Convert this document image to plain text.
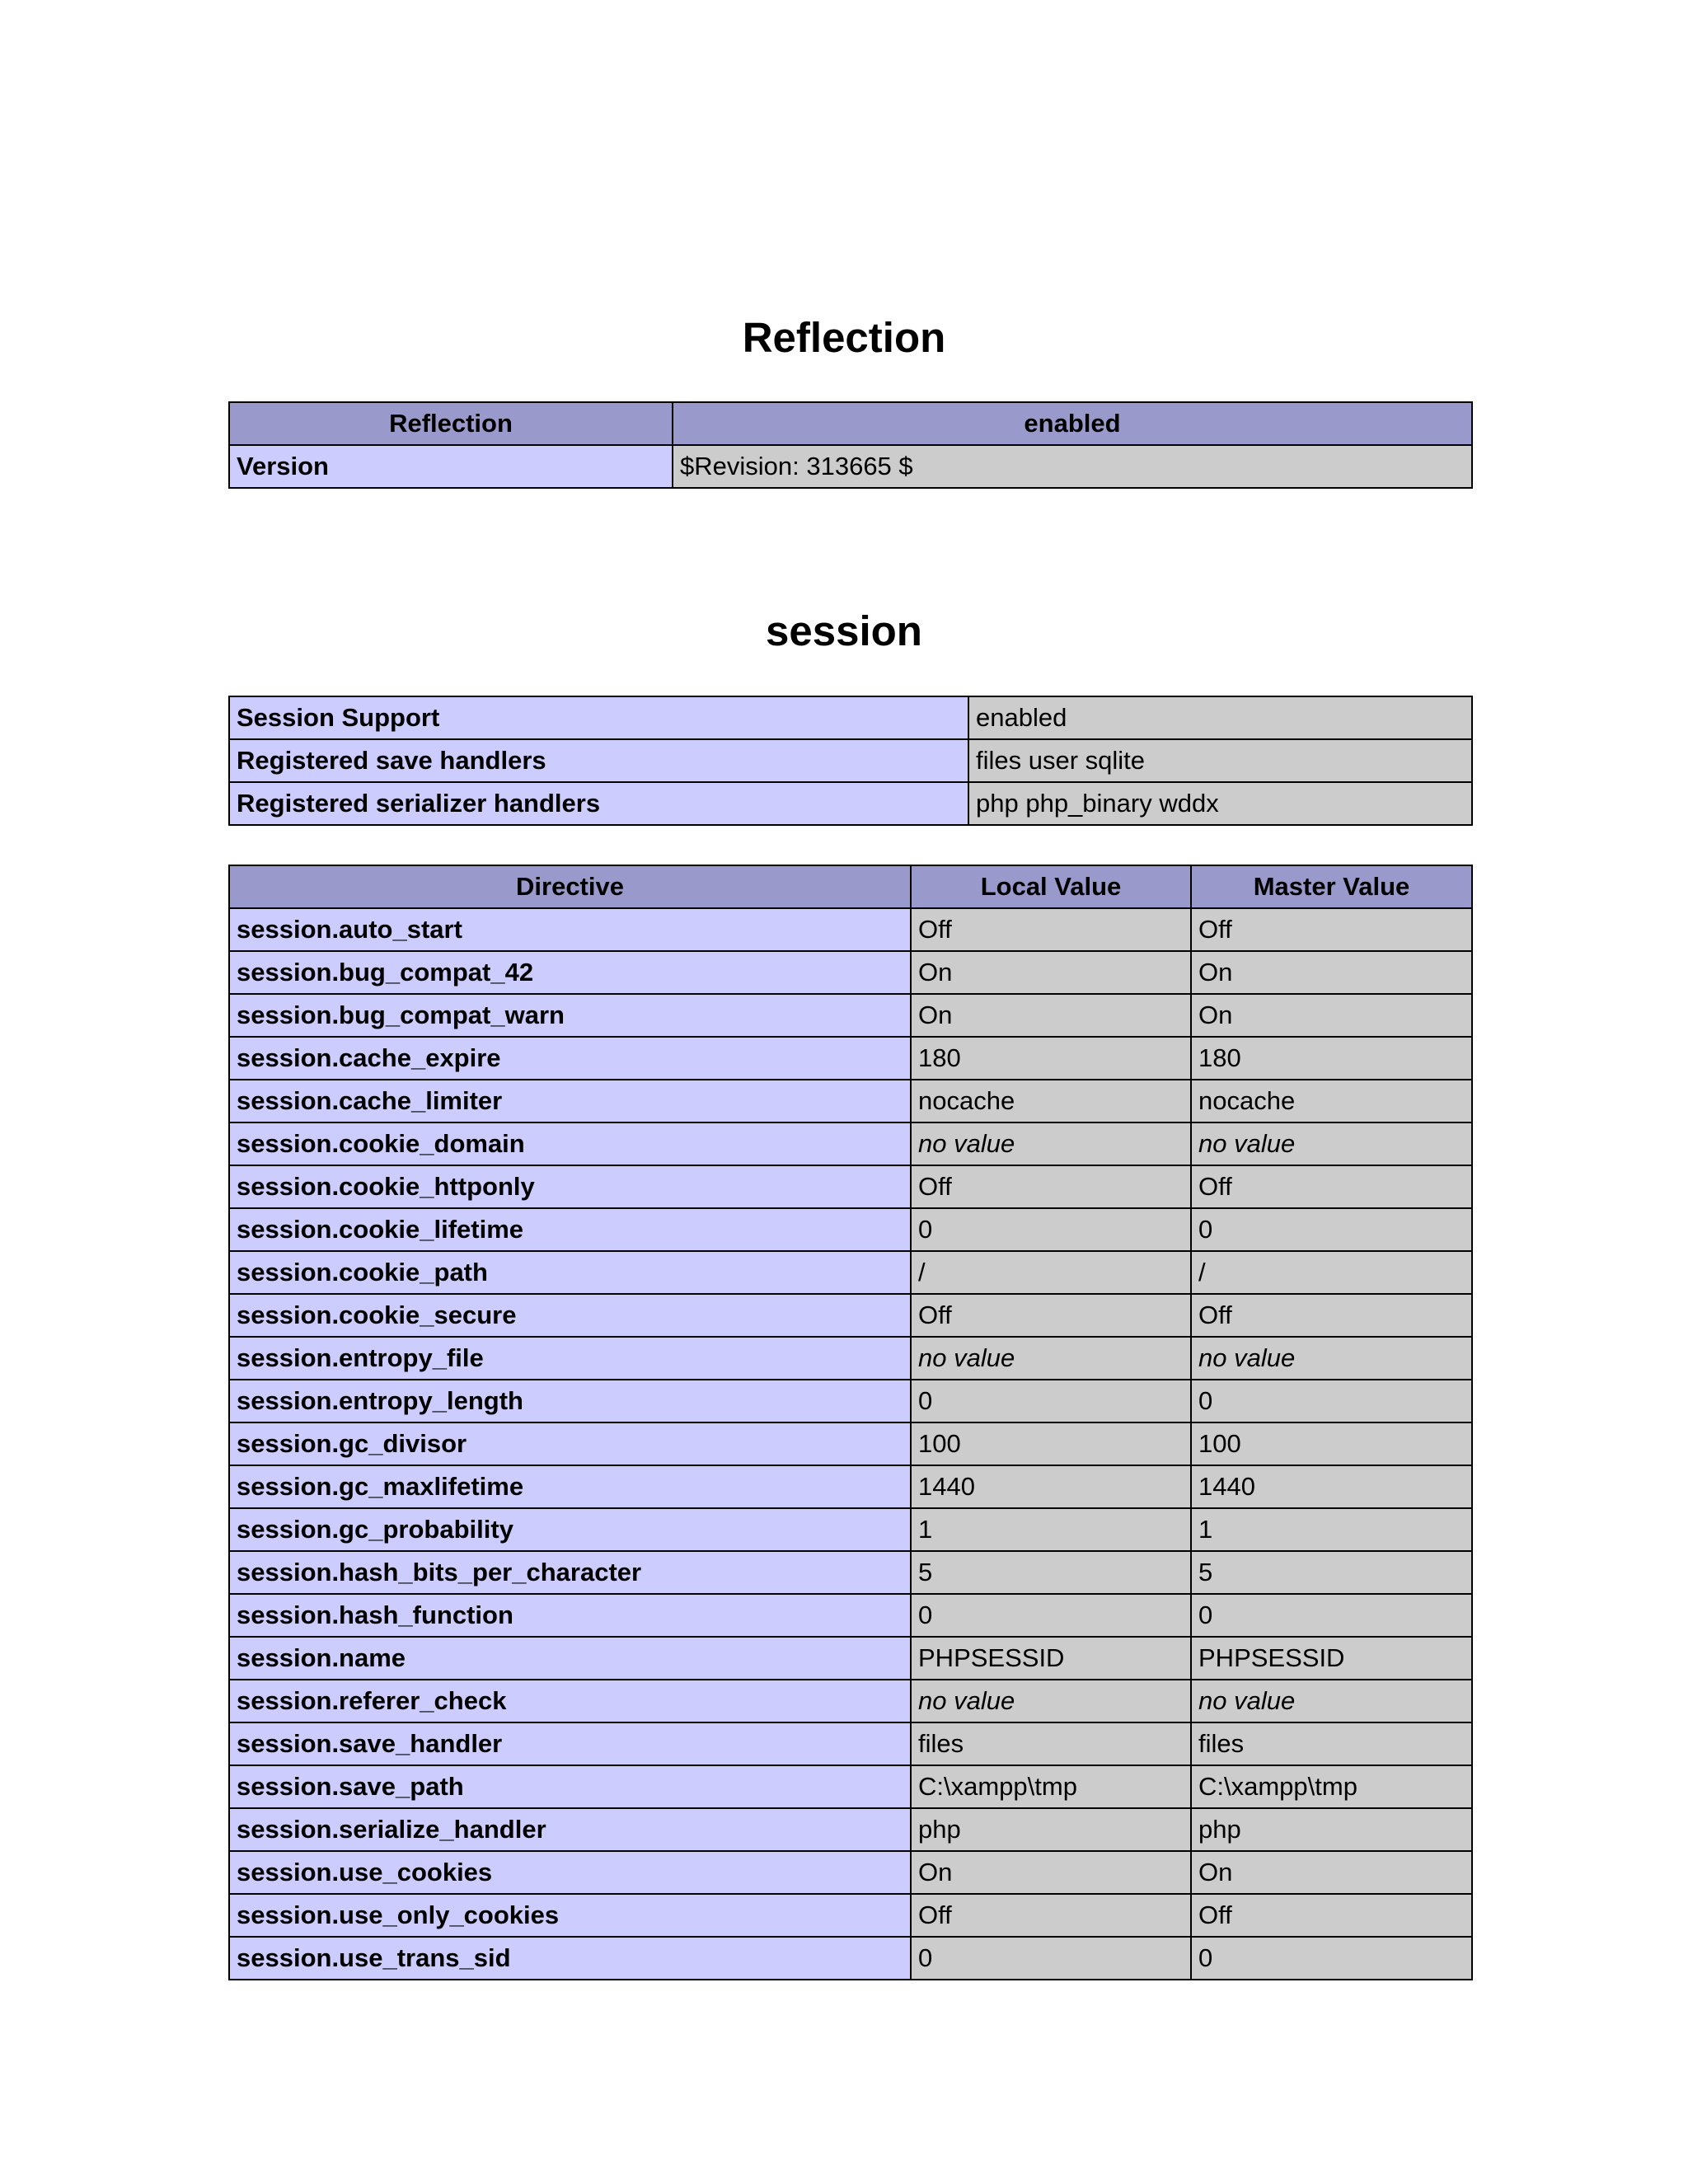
Reflection
Reflection	enabled
Version	$Revision: 313665 $
session
Session Support	enabled
Registered save handlers	files user sqlite
Registered serializer handlers	php php_binary wddx
Directive	Local Value	Master Value
session.auto_start	Off	Off
session.bug_compat_42	On	On
session.bug_compat_warn	On	On
session.cache_expire	180	180
session.cache_limiter	nocache	nocache
session.cookie_domain	no value	no value
session.cookie_httponly	Off	Off
session.cookie_lifetime	0	0
session.cookie_path	/	/
session.cookie_secure	Off	Off
session.entropy_file	no value	no value
session.entropy_length	0	0
session.gc_divisor	100	100
session.gc_maxlifetime	1440	1440
session.gc_probability	1	1
session.hash_bits_per_character	5	5
session.hash_function	0	0
session.name	PHPSESSID	PHPSESSID
session.referer_check	no value	no value
session.save_handler	files	files
session.save_path	C:\xampp\tmp	C:\xampp\tmp
session.serialize_handler	php	php
session.use_cookies	On	On
session.use_only_cookies	Off	Off
session.use_trans_sid	0	0
